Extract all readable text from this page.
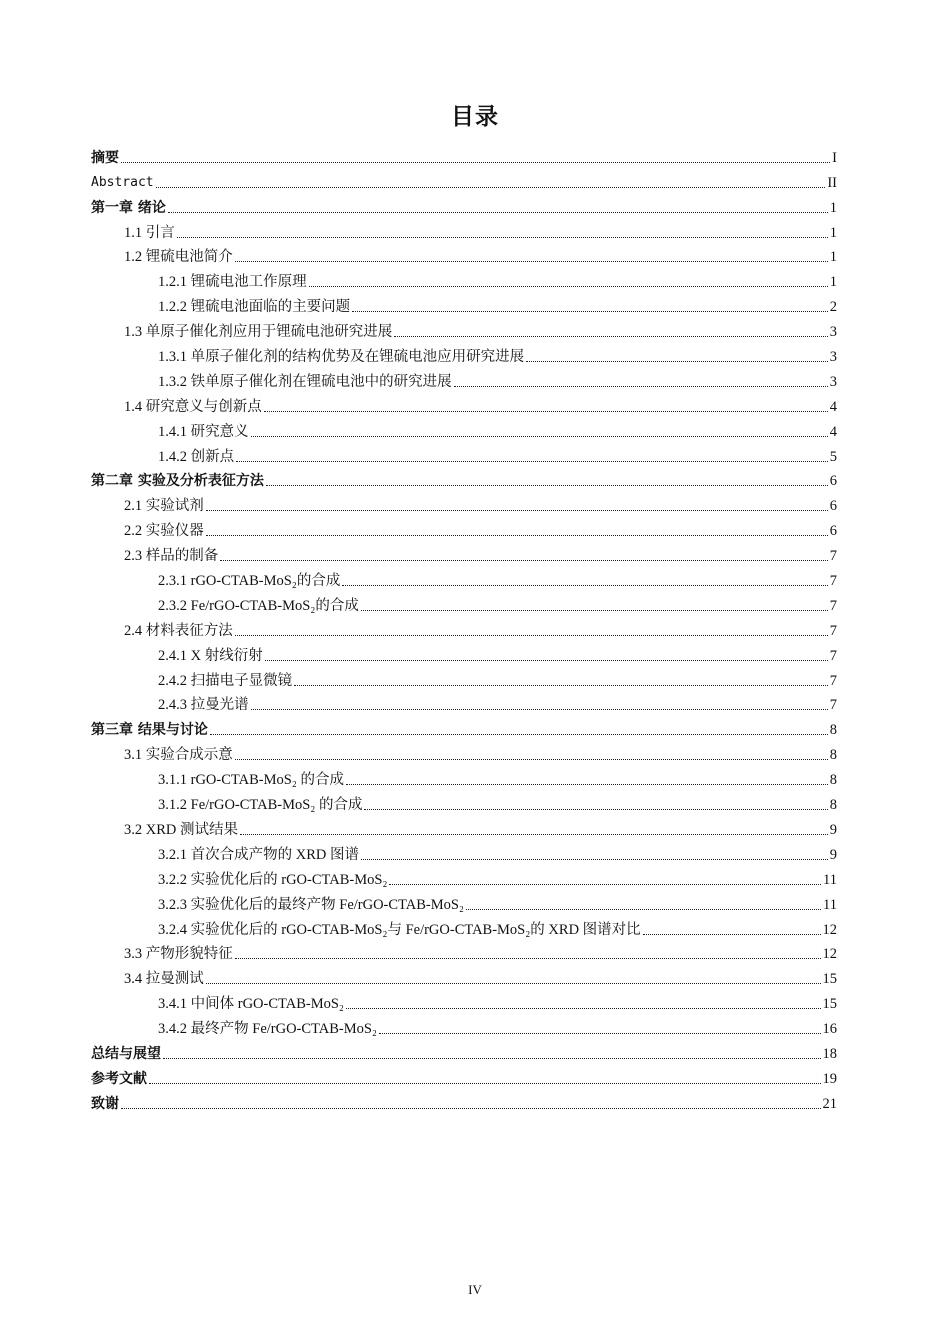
目录
摘要	I
Abstract	II
第一章 绪论	1
1.1 引言	1
1.2 锂硫电池简介	1
1.2.1 锂硫电池工作原理	1
1.2.2 锂硫电池面临的主要问题	2
1.3 单原子催化剂应用于锂硫电池研究进展	3
1.3.1 单原子催化剂的结构优势及在锂硫电池应用研究进展	3
1.3.2 铁单原子催化剂在锂硫电池中的研究进展	3
1.4 研究意义与创新点	4
1.4.1 研究意义	4
1.4.2 创新点	5
第二章 实验及分析表征方法	6
2.1 实验试剂	6
2.2 实验仪器	6
2.3 样品的制备	7
2.3.1 rGO-CTAB-MoS₂的合成	7
2.3.2 Fe/rGO-CTAB-MoS₂的合成	7
2.4 材料表征方法	7
2.4.1 X 射线衍射	7
2.4.2 扫描电子显微镜	7
2.4.3 拉曼光谱	7
第三章 结果与讨论	8
3.1 实验合成示意	8
3.1.1 rGO-CTAB-MoS₂ 的合成	8
3.1.2 Fe/rGO-CTAB-MoS₂ 的合成	8
3.2 XRD 测试结果	9
3.2.1 首次合成产物的 XRD 图谱	9
3.2.2 实验优化后的 rGO-CTAB-MoS₂	11
3.2.3 实验优化后的最终产物 Fe/rGO-CTAB-MoS₂	11
3.2.4 实验优化后的 rGO-CTAB-MoS₂与 Fe/rGO-CTAB-MoS₂的 XRD 图谱对比	12
3.3 产物形貌特征	12
3.4 拉曼测试	15
3.4.1 中间体 rGO-CTAB-MoS₂	15
3.4.2 最终产物 Fe/rGO-CTAB-MoS₂	16
总结与展望	18
参考文献	19
致谢	21
IV
